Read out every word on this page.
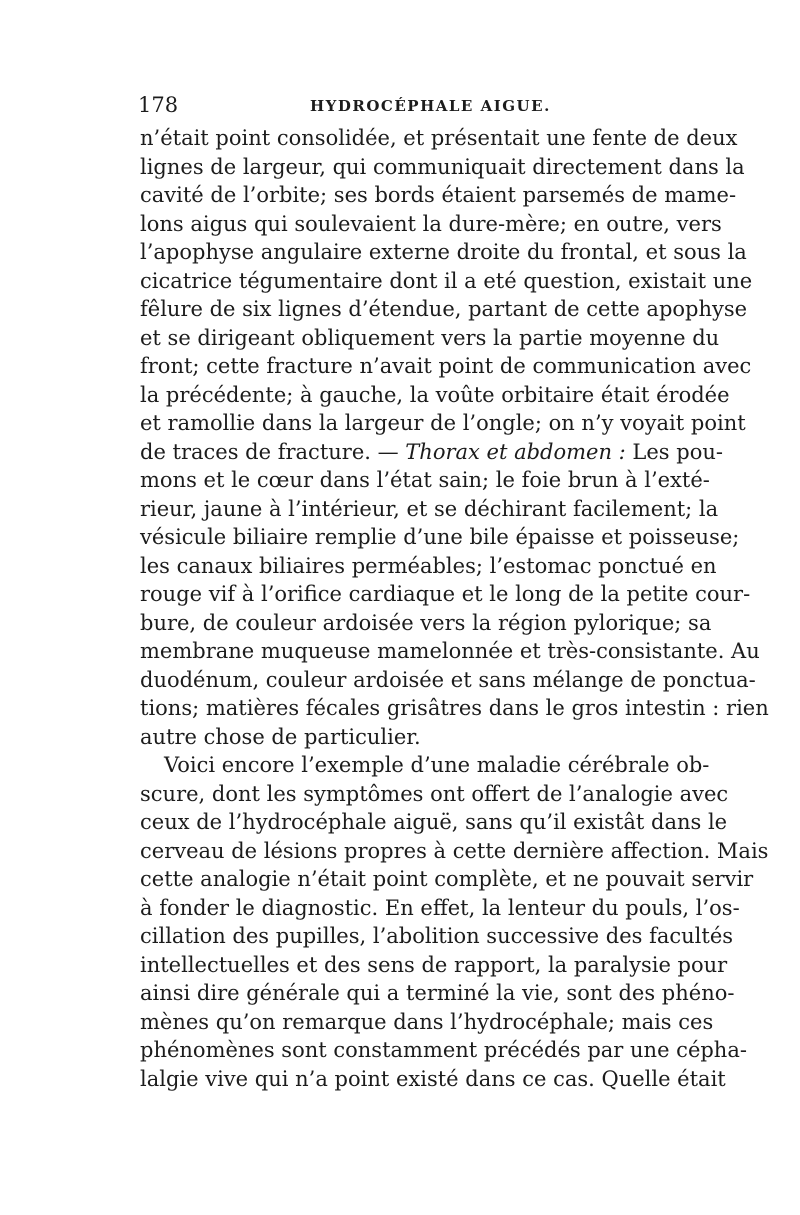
178	HYDROCÉPHALE AIGUE.
n’était point consolidée, et présentait une fente de deux
lignes de largeur, qui communiquait directement dans la
cavité de l’orbite; ses bords étaient parsemés de mame-
lons aigus qui soulevaient la dure-mère; en outre, vers
l’apophyse angulaire externe droite du frontal, et sous la
cicatrice tégumentaire dont il a eté question, existait une
fêlure de six lignes d’étendue, partant de cette apophyse
et se dirigeant obliquement vers la partie moyenne du
front; cette fracture n’avait point de communication avec
la précédente; à gauche, la voûte orbitaire était érodée
et ramollie dans la largeur de l’ongle; on n’y voyait point
de traces de fracture. — Thorax et abdomen : Les pou-
mons et le cœur dans l’état sain; le foie brun à l’exté-
rieur, jaune à l’intérieur, et se déchirant facilement; la
vésicule biliaire remplie d’une bile épaisse et poisseuse;
les canaux biliaires perméables; l’estomac ponctué en
rouge vif à l’orifice cardiaque et le long de la petite cour-
bure, de couleur ardoisée vers la région pylorique; sa
membrane muqueuse mamelonnée et très-consistante. Au
duodénum, couleur ardoisée et sans mélange de ponctua-
tions; matières fécales grisâtres dans le gros intestin : rien
autre chose de particulier.
Voici encore l’exemple d’une maladie cérébrale ob-
scure, dont les symptômes ont offert de l’analogie avec
ceux de l’hydrocéphale aiguë, sans qu’il existât dans le
cerveau de lésions propres à cette dernière affection. Mais
cette analogie n’était point complète, et ne pouvait servir
à fonder le diagnostic. En effet, la lenteur du pouls, l’os-
cillation des pupilles, l’abolition successive des facultés
intellectuelles et des sens de rapport, la paralysie pour
ainsi dire générale qui a terminé la vie, sont des phéno-
mènes qu’on remarque dans l’hydrocéphale; mais ces
phénomènes sont constamment précédés par une cépha-
lalgie vive qui n’a point existé dans ce cas. Quelle était
